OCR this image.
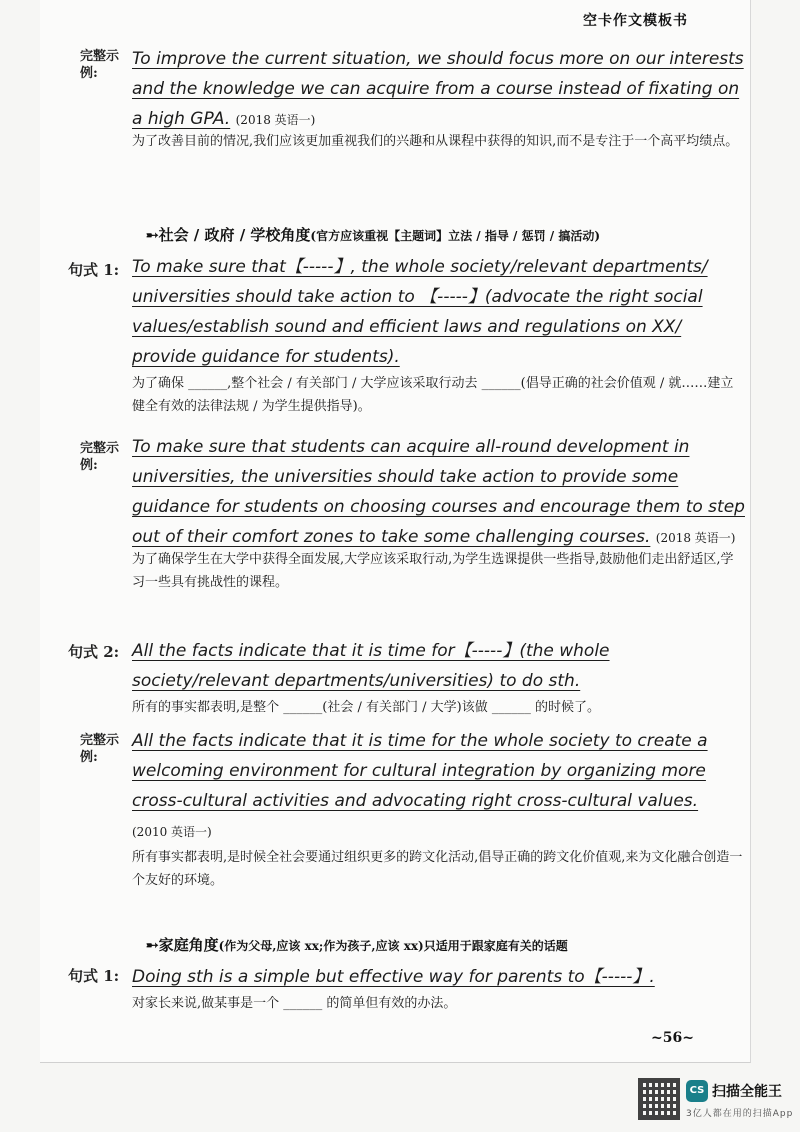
空卡作文模板书
完整示例:
To improve the current situation, we should focus more on our interests and the knowledge we can acquire from a course instead of fixating on a high GPA. (2018 英语一)
为了改善目前的情况,我们应该更加重视我们的兴趣和从课程中获得的知识,而不是专注于一个高平均绩点。
➸社会 / 政府 / 学校角度(官方应该重视【主题词】立法 / 指导 / 惩罚 / 搞活动)
句式 1: To make sure that【-----】, the whole society/relevant departments/ universities should take action to 【-----】(advocate the right social values/establish sound and efficient laws and regulations on XX/ provide guidance for students).
为了确保 ______,整个社会 / 有关部门 / 大学应该采取行动去 ______(倡导正确的社会价值观 / 就……建立健全有效的法律法规 / 为学生提供指导)。
完整示例:
To make sure that students can acquire all-round development in universities, the universities should take action to provide some guidance for students on choosing courses and encourage them to step out of their comfort zones to take some challenging courses. (2018 英语一)
为了确保学生在大学中获得全面发展,大学应该采取行动,为学生选课提供一些指导,鼓励他们走出舒适区,学习一些具有挑战性的课程。
句式 2: All the facts indicate that it is time for【-----】(the whole society/relevant departments/universities) to do sth.
所有的事实都表明,是整个 ______(社会 / 有关部门 / 大学)该做 ______ 的时候了。
完整示例:
All the facts indicate that it is time for the whole society to create a welcoming environment for cultural integration by organizing more cross-cultural activities and advocating right cross-cultural values.
(2010 英语一)
所有事实都表明,是时候全社会要通过组织更多的跨文化活动,倡导正确的跨文化价值观,来为文化融合创造一个友好的环境。
➸家庭角度(作为父母,应该 xx;作为孩子,应该 xx)只适用于跟家庭有关的话题
句式 1: Doing sth is a simple but effective way for parents to【-----】.
对家长来说,做某事是一个 ______ 的简单但有效的办法。
~56~
CS 扫描全能王
3亿人都在用的扫描App
